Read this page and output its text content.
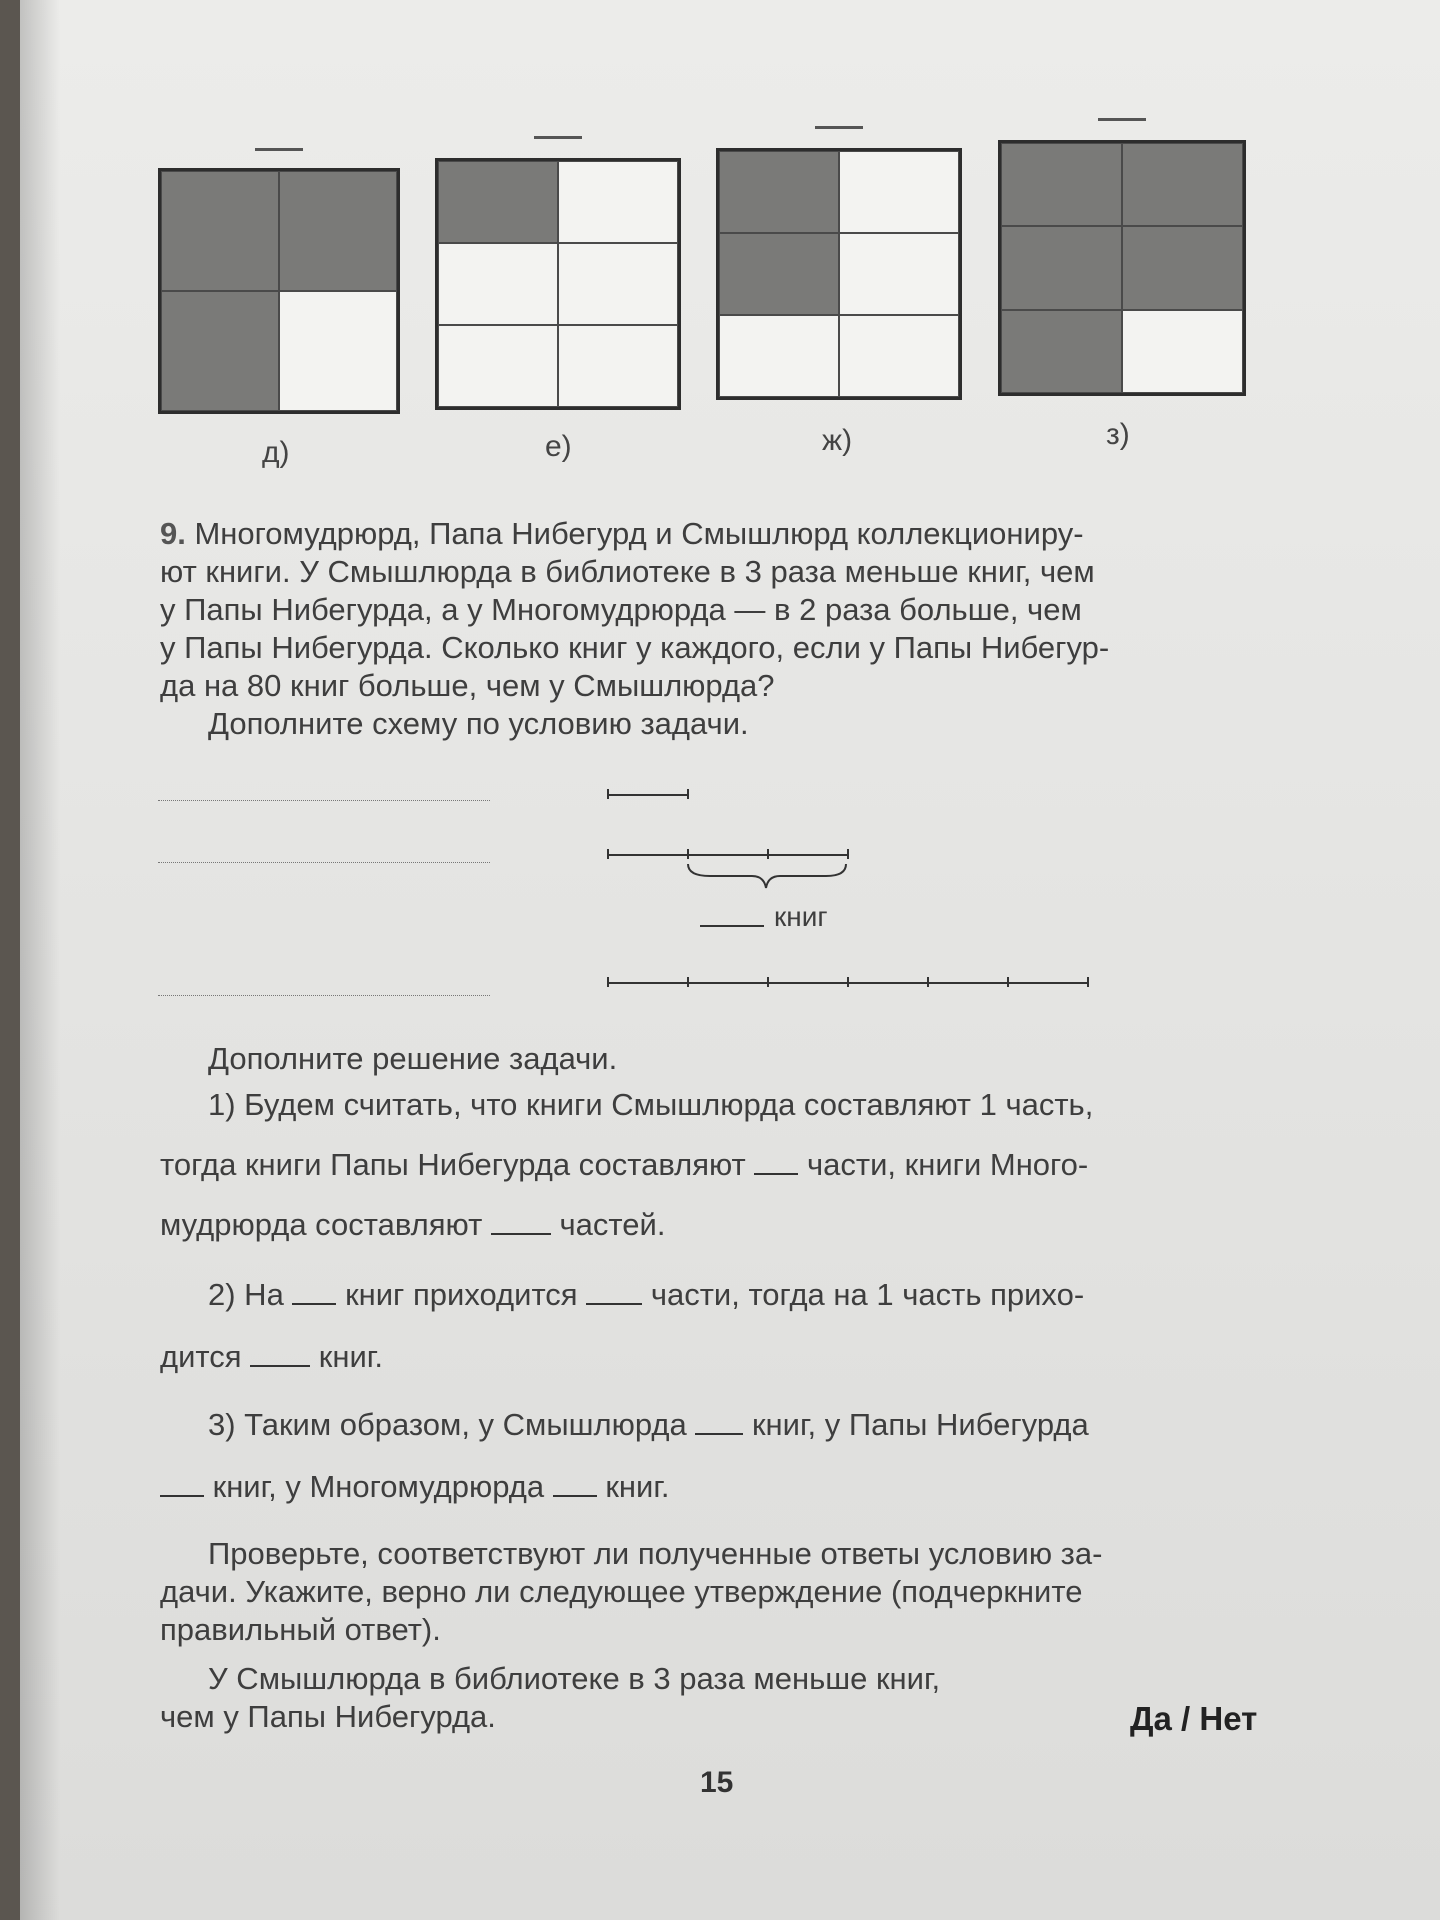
д)	е)	ж)	з)
9. Многомудрюрд, Папа Нибегурд и Смышлюрд коллекциониру-
ют книги. У Смышлюрда в библиотеке в 3 раза меньше книг, чем
у Папы Нибегурда, а у Многомудрюрда — в 2 раза больше, чем
у Папы Нибегурда. Сколько книг у каждого, если у Папы Нибегур-
да на 80 книг больше, чем у Смышлюрда?
Дополните схему по условию задачи.
книг
Дополните решение задачи.
1) Будем считать, что книги Смышлюрда составляют 1 часть,
тогда книги Папы Нибегурда составляют части, книги Много-
мудрюрда составляют частей.
2) На книг приходится части, тогда на 1 часть прихо-
дится книг.
3) Таким образом, у Смышлюрда книг, у Папы Нибегурда
книг, у Многомудрюрда книг.
Проверьте, соответствуют ли полученные ответы условию за-
дачи. Укажите, верно ли следующее утверждение (подчеркните
правильный ответ).
У Смышлюрда в библиотеке в 3 раза меньше книг,
чем у Папы Нибегурда.	Да / Нет
15
